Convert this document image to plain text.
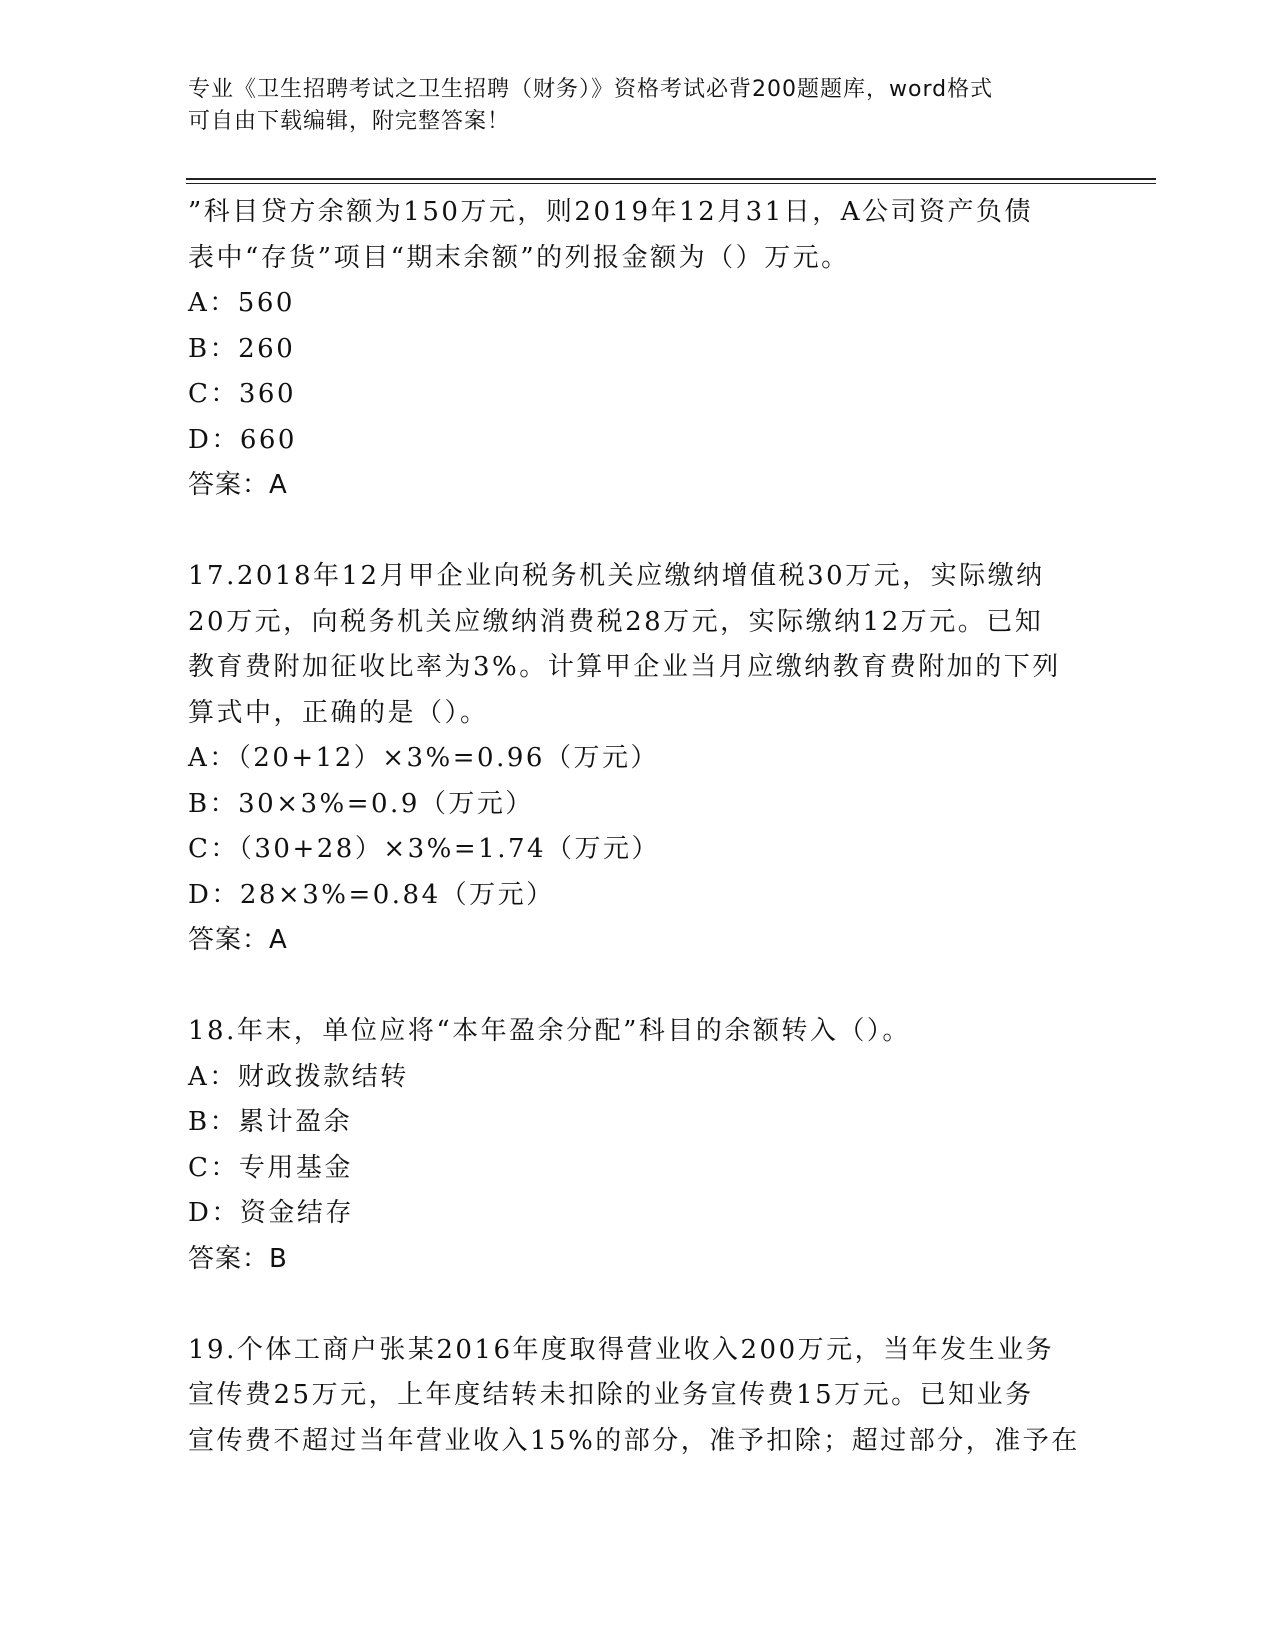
专业《卫生招聘考试之卫生招聘（财务）》资格考试必背200题题库，word格式
可自由下载编辑，附完整答案！
”科目贷方余额为150万元，则2019年12月31日，A公司资产负债
表中“存货”项目“期末余额”的列报金额为（）万元。
A：560
B：260
C：360
D：660
答案：A
17.2018年12月甲企业向税务机关应缴纳增值税30万元，实际缴纳
20万元，向税务机关应缴纳消费税28万元，实际缴纳12万元。已知
教育费附加征收比率为3%。计算甲企业当月应缴纳教育费附加的下列
算式中，正确的是（）。
A：（20+12）×3%=0.96（万元）
B：30×3%=0.9（万元）
C：（30+28）×3%=1.74（万元）
D：28×3%=0.84（万元）
答案：A
18.年末，单位应将“本年盈余分配”科目的余额转入（）。
A：财政拨款结转
B：累计盈余
C：专用基金
D：资金结存
答案：B
19.个体工商户张某2016年度取得营业收入200万元，当年发生业务
宣传费25万元，上年度结转未扣除的业务宣传费15万元。已知业务
宣传费不超过当年营业收入15%的部分，准予扣除；超过部分，准予在
